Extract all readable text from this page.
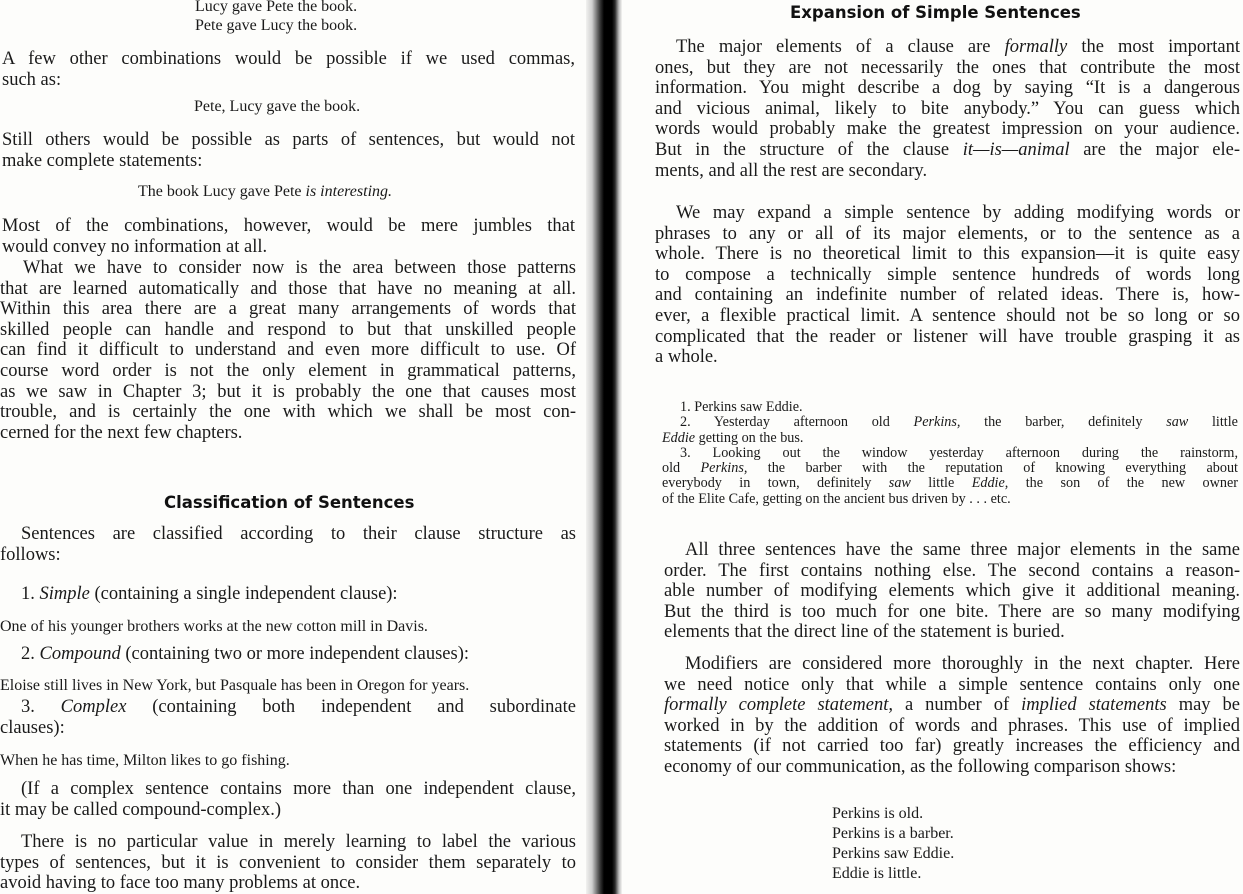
Lucy gave Pete the book.
Pete gave Lucy the book.
A few other combinations would be possible if we used commas,
such as:
Pete, Lucy gave the book.
Still others would be possible as parts of sentences, but would not
make complete statements:
The book Lucy gave Pete is interesting.
Most of the combinations, however, would be mere jumbles that
would convey no information at all.
What we have to consider now is the area between those patterns
that are learned automatically and those that have no meaning at all.
Within this area there are a great many arrangements of words that
skilled people can handle and respond to but that unskilled people
can find it difficult to understand and even more difficult to use. Of
course word order is not the only element in grammatical patterns,
as we saw in Chapter 3; but it is probably the one that causes most
trouble, and is certainly the one with which we shall be most con-
cerned for the next few chapters.
Classification of Sentences
Sentences are classified according to their clause structure as
follows:
1. Simple (containing a single independent clause):
One of his younger brothers works at the new cotton mill in Davis.
2. Compound (containing two or more independent clauses):
Eloise still lives in New York, but Pasquale has been in Oregon for years.
3. Complex (containing both independent and subordinate
clauses):
When he has time, Milton likes to go fishing.
(If a complex sentence contains more than one independent clause,
it may be called compound-complex.)
There is no particular value in merely learning to label the various
types of sentences, but it is convenient to consider them separately to
avoid having to face too many problems at once.
Expansion of Simple Sentences
The major elements of a clause are formally the most important
ones, but they are not necessarily the ones that contribute the most
information. You might describe a dog by saying “It is a dangerous
and vicious animal, likely to bite anybody.” You can guess which
words would probably make the greatest impression on your audience.
But in the structure of the clause it—is—animal are the major ele-
ments, and all the rest are secondary.
We may expand a simple sentence by adding modifying words or
phrases to any or all of its major elements, or to the sentence as a
whole. There is no theoretical limit to this expansion—it is quite easy
to compose a technically simple sentence hundreds of words long
and containing an indefinite number of related ideas. There is, how-
ever, a flexible practical limit. A sentence should not be so long or so
complicated that the reader or listener will have trouble grasping it as
a whole.
1. Perkins saw Eddie.
2. Yesterday afternoon old Perkins, the barber, definitely saw little
Eddie getting on the bus.
3. Looking out the window yesterday afternoon during the rainstorm,
old Perkins, the barber with the reputation of knowing everything about
everybody in town, definitely saw little Eddie, the son of the new owner
of the Elite Cafe, getting on the ancient bus driven by . . . etc.
All three sentences have the same three major elements in the same
order. The first contains nothing else. The second contains a reason-
able number of modifying elements which give it additional meaning.
But the third is too much for one bite. There are so many modifying
elements that the direct line of the statement is buried.
Modifiers are considered more thoroughly in the next chapter. Here
we need notice only that while a simple sentence contains only one
formally complete statement, a number of implied statements may be
worked in by the addition of words and phrases. This use of implied
statements (if not carried too far) greatly increases the efficiency and
economy of our communication, as the following comparison shows:
Perkins is old.
Perkins is a barber.
Perkins saw Eddie.
Eddie is little.
